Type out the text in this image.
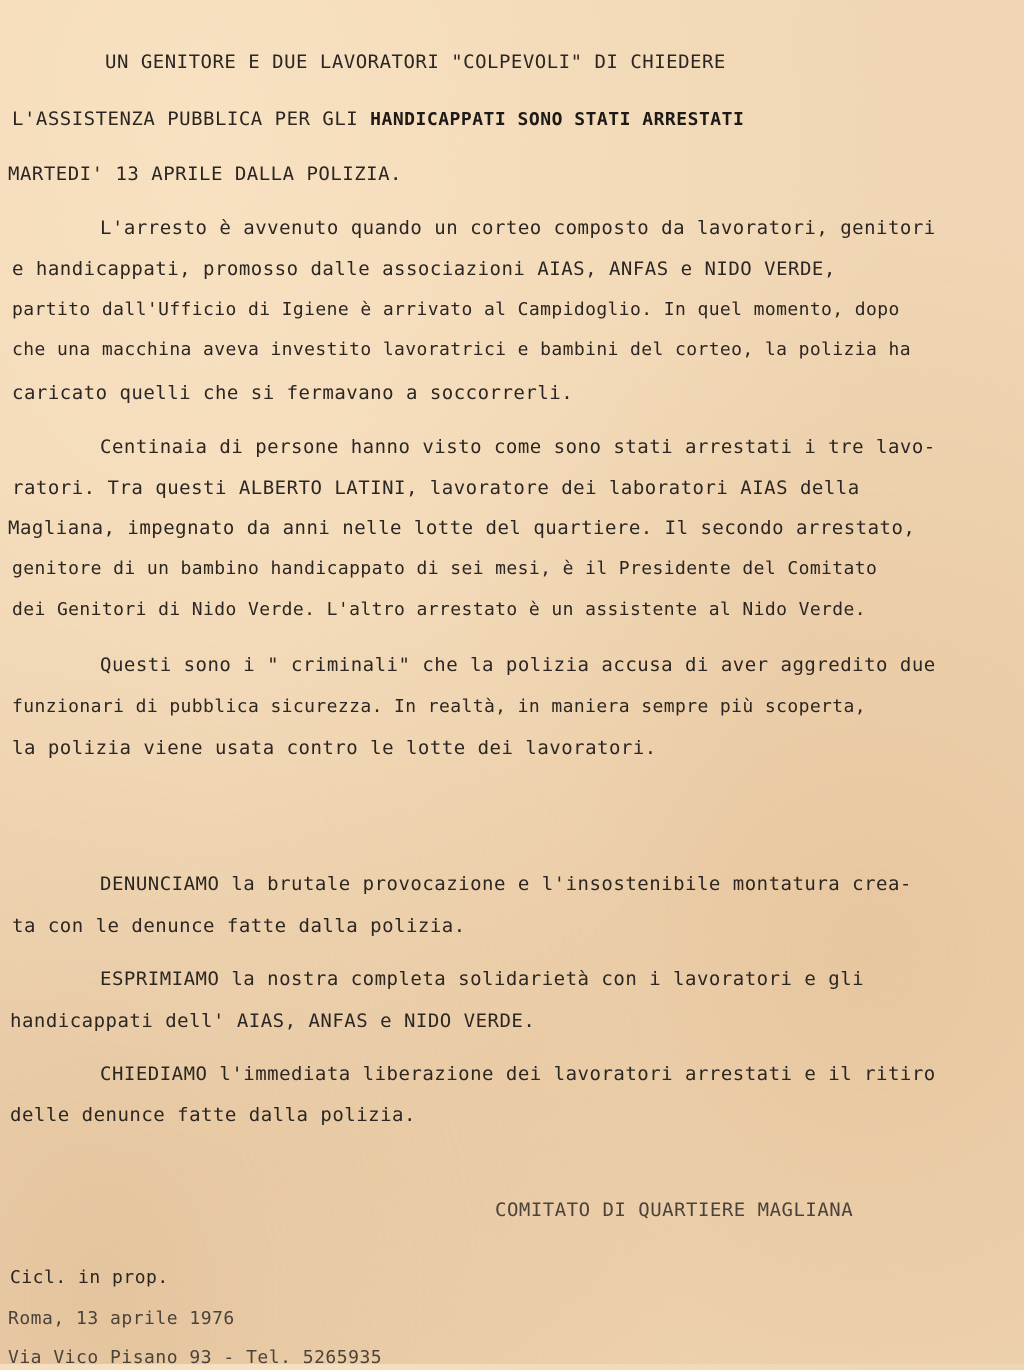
UN GENITORE E DUE LAVORATORI "COLPEVOLI" DI CHIEDERE
L'ASSISTENZA PUBBLICA PER GLI HANDICAPPATI SONO STATI ARRESTATI
MARTEDI' 13 APRILE DALLA POLIZIA.
L'arresto è avvenuto quando un corteo composto da lavoratori, genitori
e handicappati, promosso dalle associazioni AIAS, ANFAS e NIDO VERDE,
partito dall'Ufficio di Igiene è arrivato al Campidoglio. In quel momento, dopo
che una macchina aveva investito lavoratrici e bambini del corteo, la polizia ha
caricato quelli che si fermavano a soccorrerli.
Centinaia di persone hanno visto come sono stati arrestati i tre lavo-
ratori. Tra questi ALBERTO LATINI, lavoratore dei laboratori AIAS della
Magliana, impegnato da anni nelle lotte del quartiere. Il secondo arrestato,
genitore di un bambino handicappato di sei mesi, è il Presidente del Comitato
dei Genitori di Nido Verde. L'altro arrestato è un assistente al Nido Verde.
Questi sono i " criminali" che la polizia accusa di aver aggredito due
funzionari di pubblica sicurezza. In realtà, in maniera sempre più scoperta,
la polizia viene usata contro le lotte dei lavoratori.
DENUNCIAMO la brutale provocazione e l'insostenibile montatura crea-
ta con le denunce fatte dalla polizia.
ESPRIMIAMO la nostra completa solidarietà con i lavoratori e gli
handicappati dell' AIAS, ANFAS e NIDO VERDE.
CHIEDIAMO l'immediata liberazione dei lavoratori arrestati e il ritiro
delle denunce fatte dalla polizia.
COMITATO DI QUARTIERE MAGLIANA
Cicl. in prop.
Roma, 13 aprile 1976
Via Vico Pisano 93 - Tel. 5265935
